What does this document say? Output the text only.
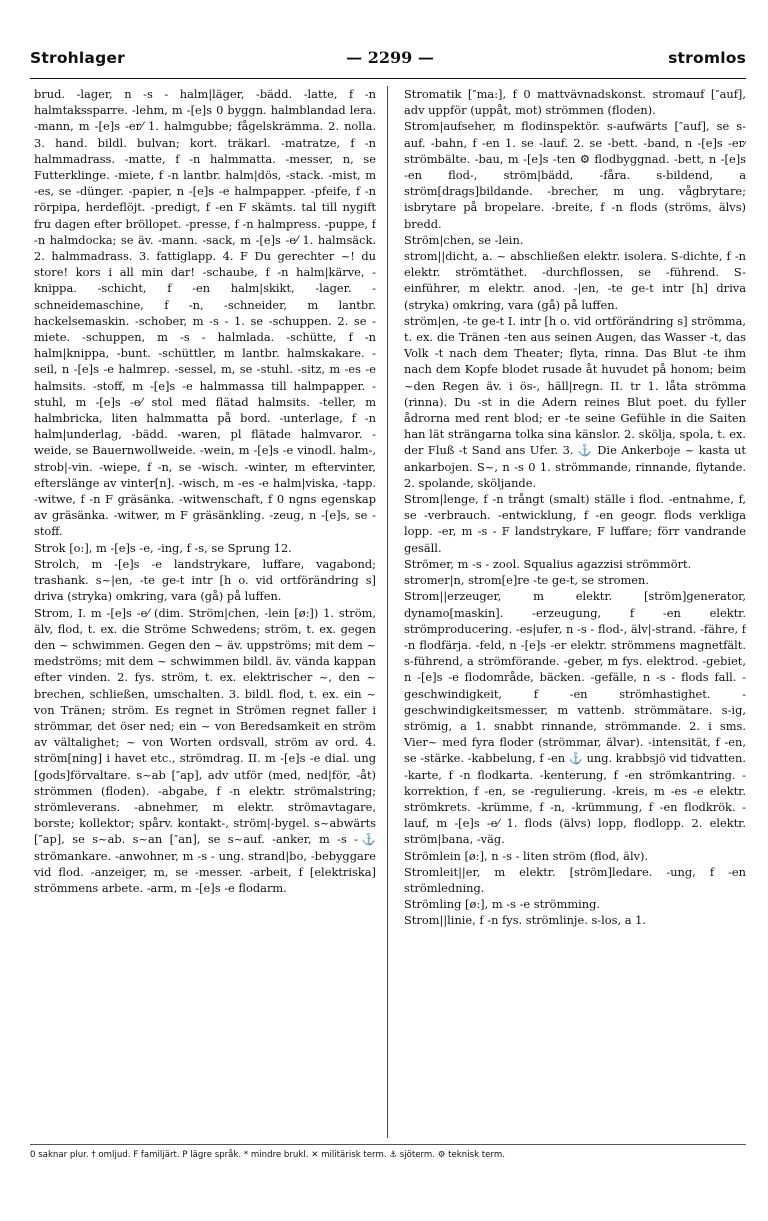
Strohlager	— 2299 —	stromlos

brud. -lager, n -s - halm|läger, -bädd. -latte, f -n halmtakssparre. -lehm, m -[e]s 0 byggn. halmblandad lera. -mann, m -[e]s -er⁄ 1. halmgubbe; fågelskrämma. 2. nolla. 3. hand. bildl. bulvan; kort. träkarl. -matratze, f -n halmmadrass. -matte, f -n halmmatta. -messer, n, se Futterklinge. -miete, f -n lantbr. halm|dös, -stack. -mist, m -es, se -dünger. -papier, n -[e]s -e halmpapper. -pfeife, f -n rörpipa, herdeflöjt. -predigt, f -en F skämts. tal till nygift fru dagen efter bröllopet. -presse, f -n halmpress. -puppe, f -n halmdocka; se äv. -mann. -sack, m -[e]s -e⁄ 1. halmsäck. 2. halmmadrass. 3. fattiglapp. 4. F Du gerechter ~! du store! kors i all min dar! -schaube, f -n halm|kärve, -knippa. -schicht, f -en halm|skikt, -lager. -schneidemaschine, f -n, -schneider, m lantbr. hackelsemaskin. -schober, m -s - 1. se -schuppen. 2. se -miete. -schuppen, m -s - halmlada. -schütte, f -n halm|knippa, -bunt. -schüttler, m lantbr. halmskakare. -seil, n -[e]s -e halmrep. -sessel, m, se -stuhl. -sitz, m -es -e halmsits. -stoff, m -[e]s -e halmmassa till halmpapper. -stuhl, m -[e]s -e⁄ stol med flätad halmsits. -teller, m halmbricka, liten halmmatta på bord. -unterlage, f -n halm|underlag, -bädd. -waren, pl flätade halmvaror. -weide, se Bauernwollweide. -wein, m -[e]s -e vinodl. halm-, strob|-vin. -wiepe, f -n, se -wisch. -winter, m eftervinter, efterslänge av vinter[n]. -wisch, m -es -e halm|viska, -tapp. -witwe, f -n F gräsänka. -witwenschaft, f 0 ngns egenskap av gräsänka. -witwer, m F gräsänkling. -zeug, n -[e]s, se -stoff.

Strok [o:], m -[e]s -e, -ing, f -s, se Sprung 12.

Strolch, m -[e]s -e landstrykare, luffare, vagabond; trashank. s~|en, -te ge-t intr [h o. vid ortförändring s] driva (stryka) omkring, vara (gå) på luffen.

Strom, I. m -[e]s -e⁄ (dim. Ström|chen, -lein [ø:]) 1. ström, älv, flod, t. ex. die Ströme Schwedens; ström, t. ex. gegen den ~ schwimmen. Gegen den ~ äv. uppströms; mit dem ~ medströms; mit dem ~ schwimmen bildl. äv. vända kappan efter vinden. 2. fys. ström, t. ex. elektrischer ~, den ~ brechen, schließen, umschalten. 3. bildl. flod, t. ex. ein ~ von Tränen; ström. Es regnet in Strömen regnet faller i strömmar, det öser ned; ein ~ von Beredsamkeit en ström av vältalighet; ~ von Worten ordsvall, ström av ord. 4. ström[ning] i havet etc., strömdrag. II. m -[e]s -e dial. ung [gods]förvaltare. s~ab [″ap], adv utför (med, ned|för, -åt) strömmen (floden). -abgabe, f -n elektr. strömalstring; strömleverans. -abnehmer, m elektr. strömavtagare, borste; kollektor; spårv. kontakt-, ström|-bygel. s~abwärts [″ap], se s~ab. s~an [″an], se s~auf. -anker, m -s -⚓ strömankare. -anwohner, m -s - ung. strand|bo, -bebyggare vid flod. -anzeiger, m, se -messer. -arbeit, f [elektriska] strömmens arbete. -arm, m -[e]s -e flodarm.

Stromatik [″ma:], f 0 mattvävnadskonst. stromauf [″auf], adv uppför (uppåt, mot) strömmen (floden).

Strom|aufseher, m flodinspektör. s-aufwärts [″auf], se s-auf. -bahn, f -en 1. se -lauf. 2. se -bett. -band, n -[e]s -er⁄ strömbälte. -bau, m -[e]s -ten ⚙ flodbyggnad. -bett, n -[e]s -en flod-, ström|bädd, -fåra. s-bildend, a ström[drags]bildande. -brecher, m ung. vågbrytare; isbrytare på bropelare. -breite, f -n flods (ströms, älvs) bredd.

Ström|chen, se -lein.

strom||dicht, a. ~ abschließen elektr. isolera. S-dichte, f -n elektr. strömtäthet. -durchflossen, se -führend. S-einführer, m elektr. anod. -|en, -te ge-t intr [h] driva (stryka) omkring, vara (gå) på luffen.

ström|en, -te ge-t I. intr [h o. vid ortförändring s] strömma, t. ex. die Tränen -ten aus seinen Augen, das Wasser -t, das Volk -t nach dem Theater; flyta, rinna. Das Blut -te ihm nach dem Kopfe blodet rusade åt huvudet på honom; beim ~den Regen äv. i ös-, häll|regn. II. tr 1. låta strömma (rinna). Du -st in die Adern reines Blut poet. du fyller ådrorna med rent blod; er -te seine Gefühle in die Saiten han lät strängarna tolka sina känslor. 2. skölja, spola, t. ex. der Fluß -t Sand ans Ufer. 3. ⚓ Die Ankerboje ~ kasta ut ankarbojen. S~, n -s 0 1. strömmande, rinnande, flytande. 2. spolande, sköljande.

Strom|lenge, f -n trångt (smalt) ställe i flod. -entnahme, f, se -verbrauch. -entwicklung, f -en geogr. flods verkliga lopp. -er, m -s - F landstrykare, F luffare; förr vandrande gesäll.

Strömer, m -s - zool. Squalius agazzisi strömmört.

stromer|n, strom[e]re -te ge-t, se stromen.

Strom||erzeuger, m elektr. [ström]generator, dynamo[maskin]. -erzeugung, f -en elektr. strömproducering. -es|ufer, n -s - flod-, älv|-strand. -fähre, f -n flodfärja. -feld, n -[e]s -er elektr. strömmens magnetfält. s-führend, a strömförande. -geber, m fys. elektrod. -gebiet, n -[e]s -e flodområde, bäcken. -gefälle, n -s - flods fall. -geschwindigkeit, f -en strömhastighet. -geschwindigkeitsmesser, m vattenb. strömmätare. s-ig, strömig, a 1. snabbt rinnande, strömmande. 2. i sms. Vier~ med fyra floder (strömmar, älvar). -intensität, f -en, se -stärke. -kabbelung, f -en ⚓ ung. krabbsjö vid tidvatten. -karte, f -n flodkarta. -kenterung, f -en strömkantring. -korrektion, f -en, se -regulierung. -kreis, m -es -e elektr. strömkrets. -krümme, f -n, -krümmung, f -en flodkrök. -lauf, m -[e]s -e⁄ 1. flods (älvs) lopp, flodlopp. 2. elektr. ström|bana, -väg.

Strömlein [ø:], n -s - liten ström (flod, älv).

Stromleit||er, m elektr. [ström]ledare. -ung, f -en strömledning.

Strömling [ø:], m -s -e strömming.

Strom||linie, f -n fys. strömlinje. s-los, a 1.

0 saknar plur. † omljud. F familjärt. P lägre språk. * mindre brukl. ✕ militärisk term. ⚓ sjöterm. ⚙ teknisk term.
